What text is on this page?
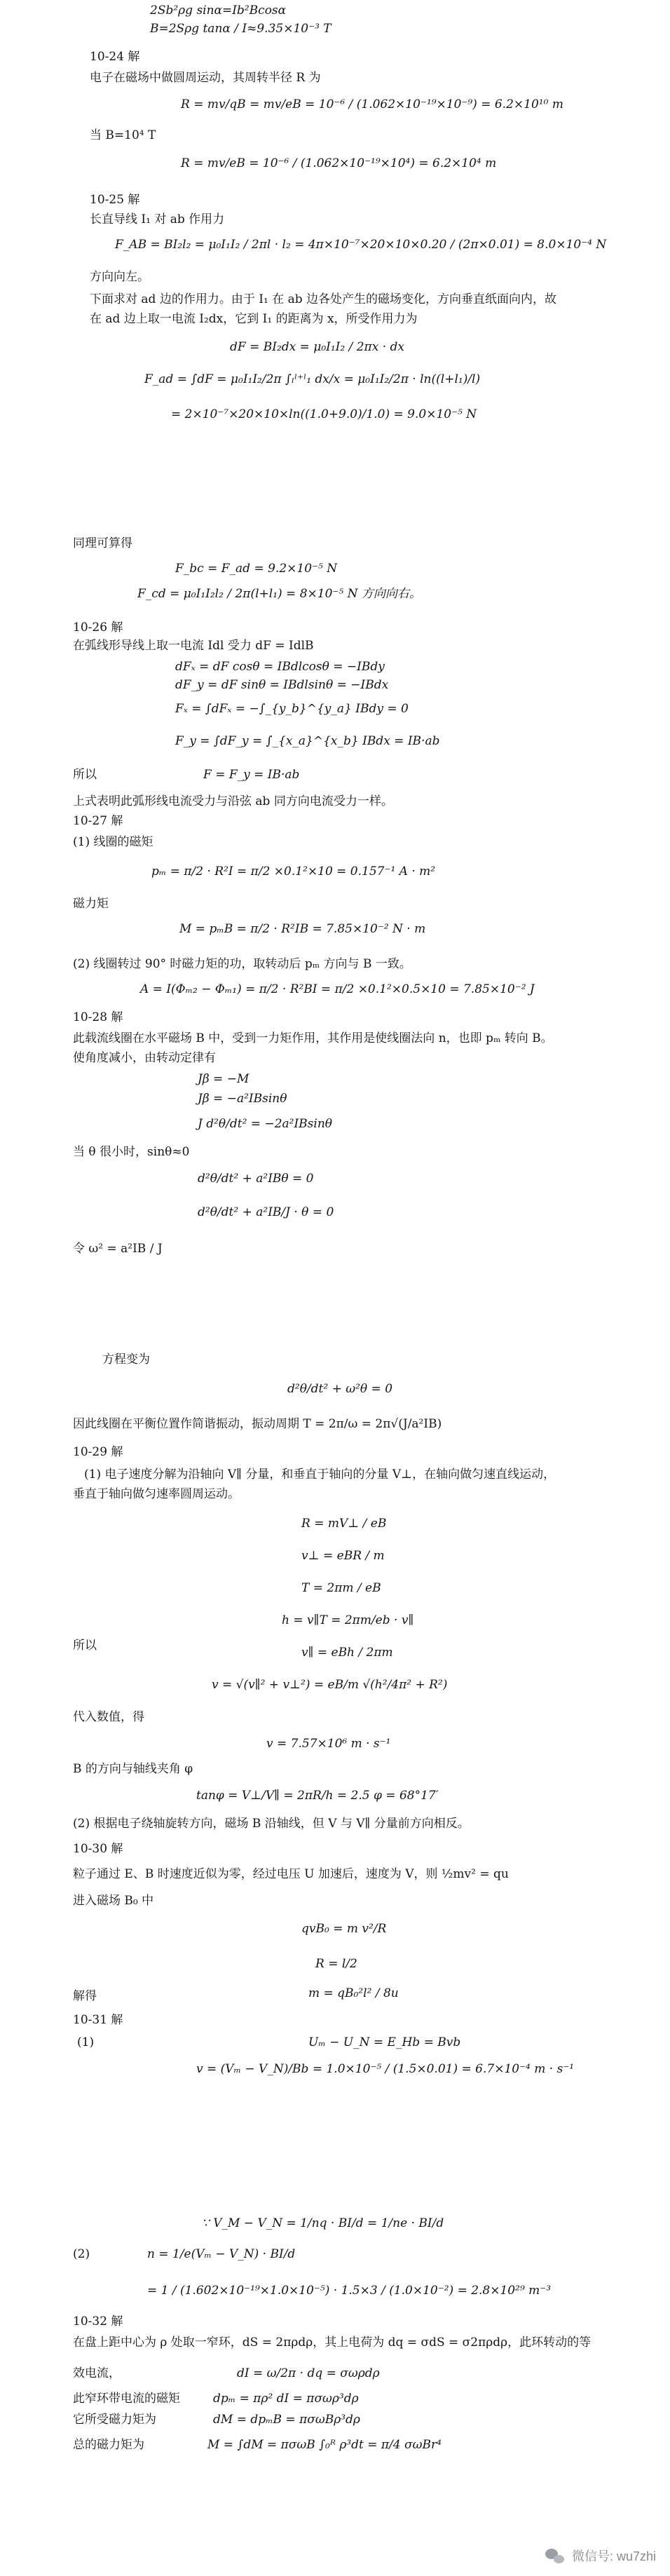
2Sb²ρg sinα=Ib²Bcosα
B=2Sρg tanα / I≈9.35×10⁻³ T
10-24 解
电子在磁场中做圆周运动，其周转半径 R 为
R = mv/qB = mv/eB = 10⁻⁶ / (1.062×10⁻¹⁹×10⁻⁹) = 6.2×10¹⁰ m
当 B=10⁴ T
R = mv/eB = 10⁻⁶ / (1.062×10⁻¹⁹×10⁴) = 6.2×10⁴ m
10-25 解
长直导线 I₁ 对 ab 作用力
F_AB = BI₂l₂ = μ₀I₁I₂ / 2πl · l₂ = 4π×10⁻⁷×20×10×0.20 / (2π×0.01) = 8.0×10⁻⁴ N
方向向左。
下面求对 ad 边的作用力。由于 I₁ 在 ab 边各处产生的磁场变化，方向垂直纸面向内，故
在 ad 边上取一电流 I₂dx，它到 I₁ 的距离为 x，所受作用力为
dF = BI₂dx = μ₀I₁I₂ / 2πx · dx
F_ad = ∫dF = μ₀I₁I₂/2π ∫ₗˡ⁺ˡ₁ dx/x = μ₀I₁I₂/2π · ln((l+l₁)/l)
= 2×10⁻⁷×20×10×ln((1.0+9.0)/1.0) = 9.0×10⁻⁵ N
同理可算得
F_bc = F_ad = 9.2×10⁻⁵ N
F_cd = μ₀I₁I₂l₂ / 2π(l+l₁) = 8×10⁻⁵ N 方向向右。
10-26 解
在弧线形导线上取一电流 Idl 受力 dF = IdlB
dFₓ = dF cosθ = IBdlcosθ = −IBdy
dF_y = dF sinθ = IBdlsinθ = −IBdx
Fₓ = ∫dFₓ = −∫_{y_b}^{y_a} IBdy = 0
F_y = ∫dF_y = ∫_{x_a}^{x_b} IBdx = IB·ab
所以	F = F_y = IB·ab
上式表明此弧形线电流受力与沿弦 ab 同方向电流受力一样。
10-27 解
(1) 线圈的磁矩
pₘ = π/2 · R²I = π/2 ×0.1²×10 = 0.157⁻¹ A · m²
磁力矩
M = pₘB = π/2 · R²IB = 7.85×10⁻² N · m
(2) 线圈转过 90° 时磁力矩的功，取转动后 pₘ 方向与 B 一致。
A = I(Φₘ₂ − Φₘ₁) = π/2 · R²BI = π/2 ×0.1²×0.5×10 = 7.85×10⁻² J
10-28 解
此载流线圈在水平磁场 B 中，受到一力矩作用，其作用是使线圈法向 n，也即 pₘ 转向 B。
使角度减小，由转动定律有
Jβ = −M
Jβ = −a²IBsinθ
J d²θ/dt² = −2a²IBsinθ
当 θ 很小时，sinθ≈0
d²θ/dt² + a²IBθ = 0
d²θ/dt² + a²IB/J · θ = 0
令 ω² = a²IB / J
方程变为
d²θ/dt² + ω²θ = 0
因此线圈在平衡位置作简谐振动，振动周期 T = 2π/ω = 2π√(J/a²IB)
10-29 解
(1) 电子速度分解为沿轴向 V∥ 分量，和垂直于轴向的分量 V⊥，在轴向做匀速直线运动，
垂直于轴向做匀速率圆周运动。
R = mV⊥ / eB
v⊥ = eBR / m
T = 2πm / eB
h = v∥T = 2πm/eb · v∥
所以	v∥ = eBh / 2πm
v = √(v∥² + v⊥²) = eB/m √(h²/4π² + R²)
代入数值，得
v = 7.57×10⁶ m · s⁻¹
B 的方向与轴线夹角 φ
tanφ = V⊥/V∥ = 2πR/h = 2.5 φ = 68°17′
(2) 根据电子绕轴旋转方向，磁场 B 沿轴线，但 V 与 V∥ 分量前方向相反。
10-30 解
粒子通过 E、B 时速度近似为零，经过电压 U 加速后，速度为 V，则 ½mv² = qu
进入磁场 B₀ 中
qvB₀ = m v²/R
R = l/2
解得	m = qB₀²l² / 8u
10-31 解
(1)	Uₘ − U_N = E_Hb = Bvb
v = (Vₘ − V_N)/Bb = 1.0×10⁻⁵ / (1.5×0.01) = 6.7×10⁻⁴ m · s⁻¹
∵ V_M − V_N = 1/nq · BI/d = 1/ne · BI/d
(2)	n = 1/e(Vₘ − V_N) · BI/d
= 1 / (1.602×10⁻¹⁹×1.0×10⁻⁵) · 1.5×3 / (1.0×10⁻²) = 2.8×10²⁹ m⁻³
10-32 解
在盘上距中心为 ρ 处取一窄环，dS = 2πρdρ，其上电荷为 dq = σdS = σ2πρdρ，此环转动的等
效电流，	dI = ω/2π · dq = σωρdρ
此窄环带电流的磁矩	dpₘ = πρ² dI = πσωρ³dρ
它所受磁力矩为	dM = dpₘB = πσωBρ³dρ
总的磁力矩为	M = ∫dM = πσωB ∫₀ᴿ ρ³dt = π/4 σωBr⁴
微信号: wu7zhi
